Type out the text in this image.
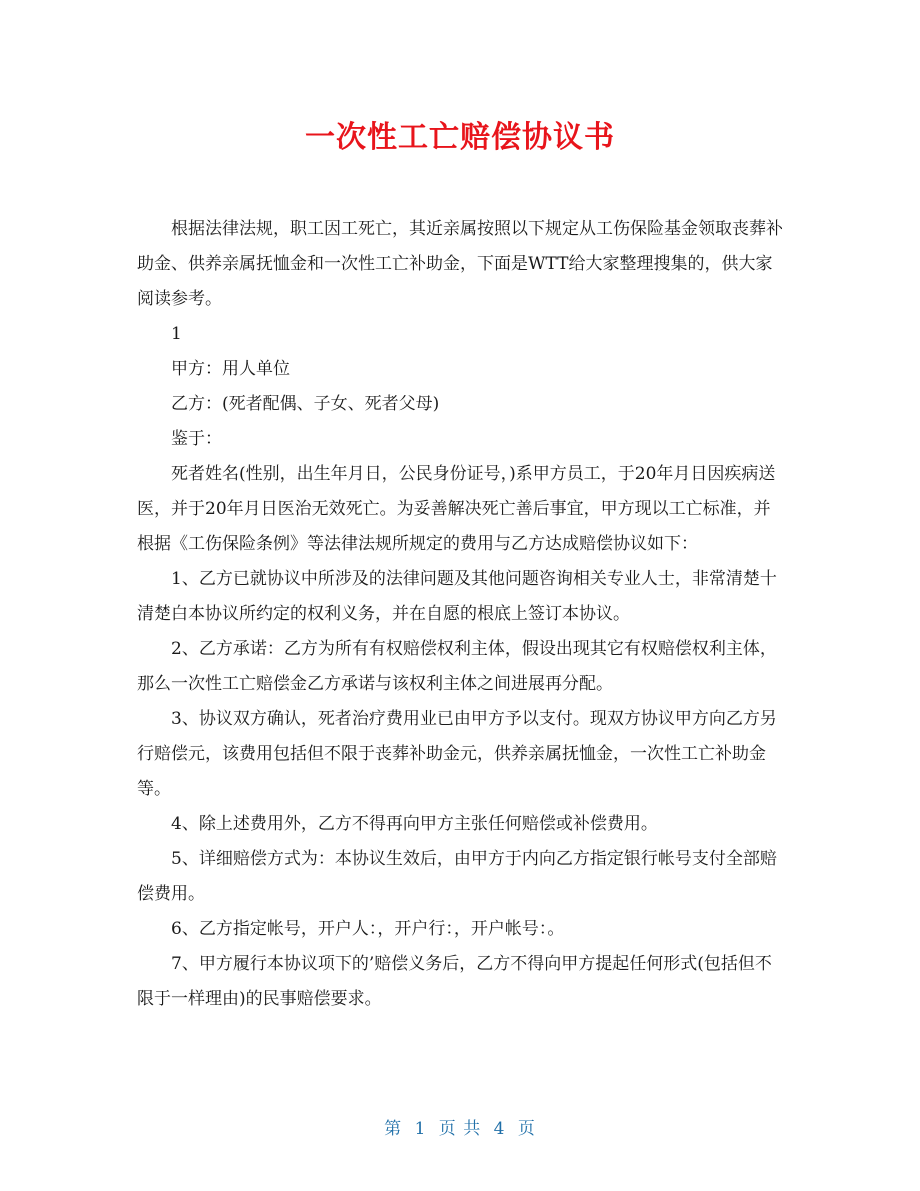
一次性工亡赔偿协议书

根据法律法规，职工因工死亡，其近亲属按照以下规定从工伤保险基金领取丧葬补助金、供养亲属抚恤金和一次性工亡补助金，下面是WTT给大家整理搜集的，供大家阅读参考。

1

甲方：用人单位

乙方：(死者配偶、子女、死者父母)

鉴于：

死者姓名(性别，出生年月日，公民身份证号，)系甲方员工，于20年月日因疾病送医，并于20年月日医治无效死亡。为妥善解决死亡善后事宜，甲方现以工亡标准，并根据《工伤保险条例》等法律法规所规定的费用与乙方达成赔偿协议如下：

1、乙方已就协议中所涉及的法律问题及其他问题咨询相关专业人士，非常清楚十清楚白本协议所约定的权利义务，并在自愿的根底上签订本协议。

2、乙方承诺：乙方为所有有权赔偿权利主体，假设出现其它有权赔偿权利主体，那么一次性工亡赔偿金乙方承诺与该权利主体之间进展再分配。

3、协议双方确认，死者治疗费用业已由甲方予以支付。现双方协议甲方向乙方另行赔偿元，该费用包括但不限于丧葬补助金元，供养亲属抚恤金，一次性工亡补助金等。

4、除上述费用外，乙方不得再向甲方主张任何赔偿或补偿费用。

5、详细赔偿方式为：本协议生效后，由甲方于内向乙方指定银行帐号支付全部赔偿费用。

6、乙方指定帐号，开户人：，开户行：，开户帐号：。

7、甲方履行本协议项下的’赔偿义务后，乙方不得向甲方提起任何形式(包括但不限于一样理由)的民事赔偿要求。

第 1 页 共 4 页
